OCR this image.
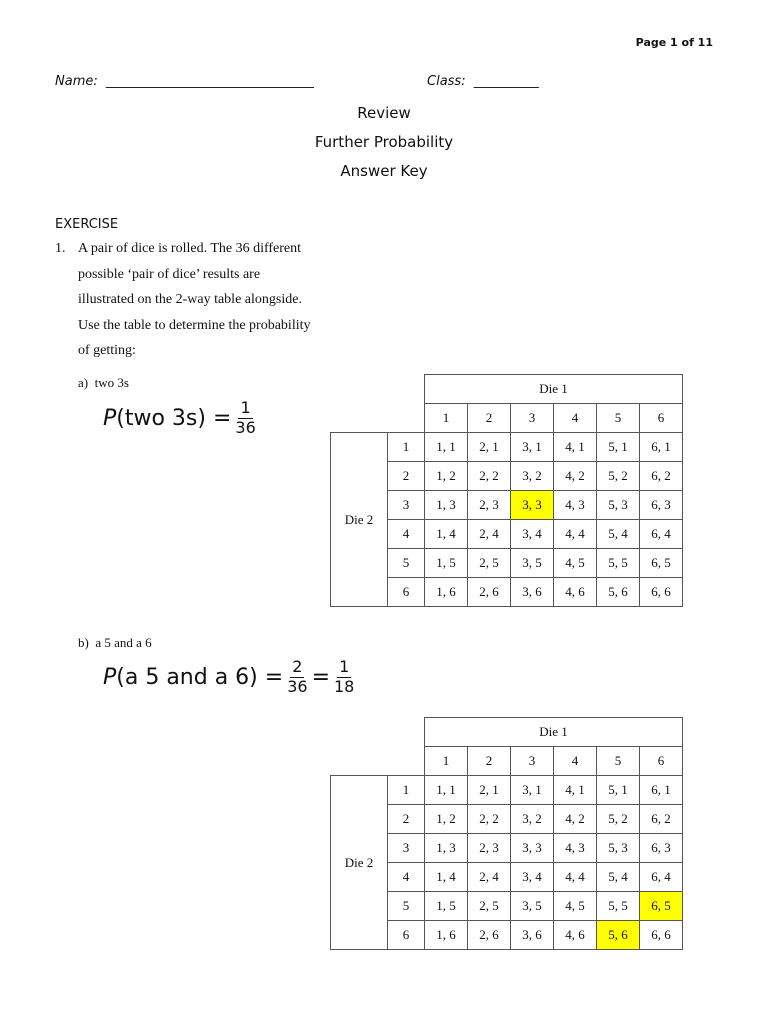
Page 1 of 11
Name: ________________________________	Class: __________
Review
Further Probability
Answer Key
EXERCISE
1. A pair of dice is rolled. The 36 different
possible ‘pair of dice’ results are
illustrated on the 2-way table alongside.
Use the table to determine the probability
of getting:
a) two 3s
P (two $3s) = \frac{1}{36}$
		Die 1					
		1	2	3	4	5	6
Die 2	1	1, 1	2, 1	3, 1	4, 1	5, 1	6, 1
	2	1, 2	2, 2	3, 2	4, 2	5, 2	6, 2
	3	1, 3	2, 3	3, 3	4, 3	5, 3	6, 3
	4	1, 4	2, 4	3, 4	4, 4	5, 4	6, 4
	5	1, 5	2, 5	3, 5	4, 5	5, 5	6, 5
	6	1, 6	2, 6	3, 6	4, 6	5, 6	6, 6
b) a 5 and a 6
P (a 5 and a $6) = \frac{2}{36} = \frac{1}{18}$
		Die 1					
		1	2	3	4	5	6
Die 2	1	1, 1	2, 1	3, 1	4, 1	5, 1	6, 1
	2	1, 2	2, 2	3, 2	4, 2	5, 2	6, 2
	3	1, 3	2, 3	3, 3	4, 3	5, 3	6, 3
	4	1, 4	2, 4	3, 4	4, 4	5, 4	6, 4
	5	1, 5	2, 5	3, 5	4, 5	5, 5	6, 5
	6	1, 6	2, 6	3, 6	4, 6	5, 6	6, 6
